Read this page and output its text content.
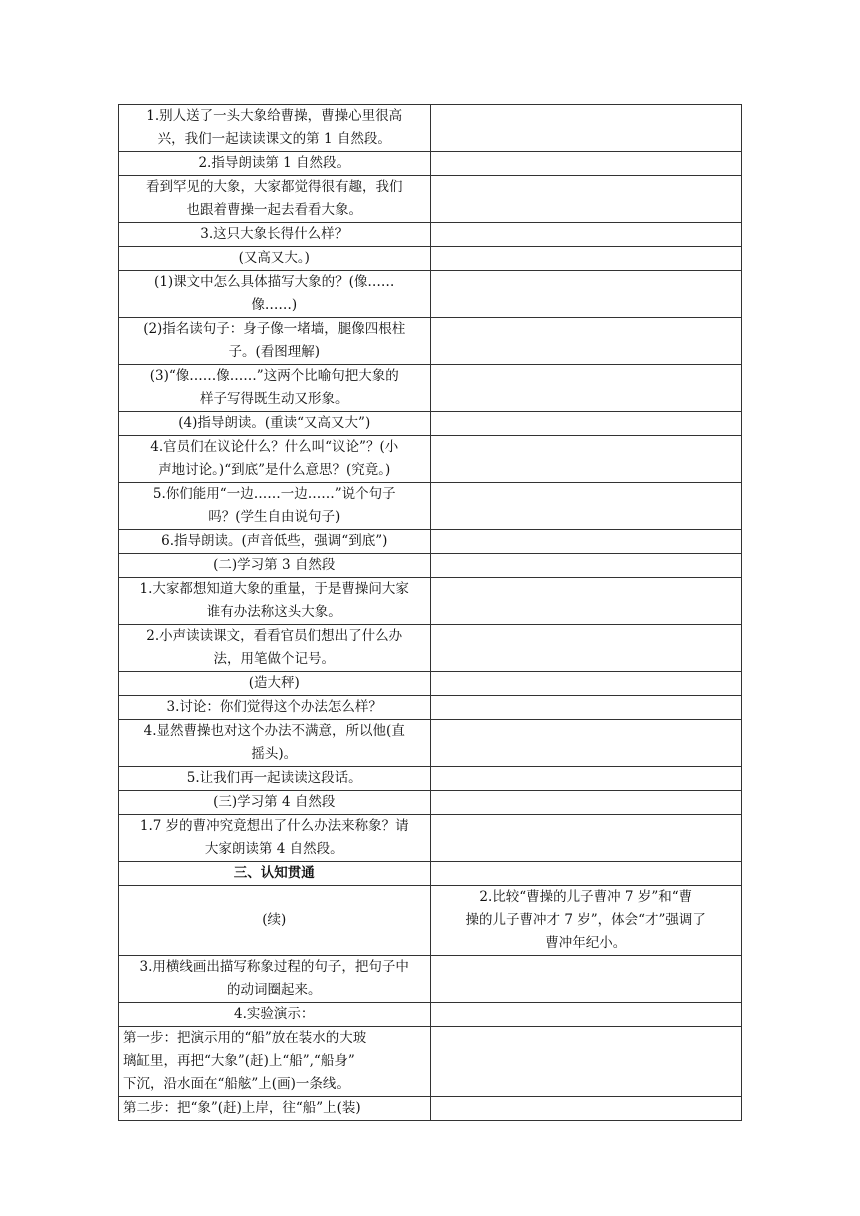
1.别人送了一头大象给曹操，曹操心里很高
兴，我们一起读读课文的第 1 自然段。	

2.指导朗读第 1 自然段。	

看到罕见的大象，大家都觉得很有趣，我们
也跟着曹操一起去看看大象。	

3.这只大象长得什么样？	

(又高又大。)	

(1)课文中怎么具体描写大象的？(像……
像……)	

(2)指名读句子：身子像一堵墙，腿像四根柱
子。(看图理解)	

(3)“像……像……”这两个比喻句把大象的
样子写得既生动又形象。	

(4)指导朗读。(重读“又高又大”)	

4.官员们在议论什么？什么叫“议论”？(小
声地讨论。)“到底”是什么意思？(究竟。)	

5.你们能用“一边……一边……”说个句子
吗？(学生自由说句子)	

6.指导朗读。(声音低些，强调“到底”)	

(二)学习第 3 自然段	

1.大家都想知道大象的重量，于是曹操问大家
谁有办法称这头大象。	

2.小声读读课文，看看官员们想出了什么办
法，用笔做个记号。	

(造大秤)	

3.讨论：你们觉得这个办法怎么样？	

4.显然曹操也对这个办法不满意，所以他(直
摇头)。	

5.让我们再一起读读这段话。	

(三)学习第 4 自然段	

1.7 岁的曹冲究竟想出了什么办法来称象？请
大家朗读第 4 自然段。	

三、认知贯通	

(续)	2.比较“曹操的儿子曹冲 7 岁”和“曹
操的儿子曹冲才 7 岁”，体会“才”强调了
曹冲年纪小。

3.用横线画出描写称象过程的句子，把句子中
的动词圈起来。	

4.实验演示：	

第一步：把演示用的“船”放在装水的大玻
璃缸里，再把“大象”(赶)上“船”,“船身”
下沉，沿水面在“船舷”上(画)一条线。	

第二步：把“象”(赶)上岸，往“船”上(装)	
